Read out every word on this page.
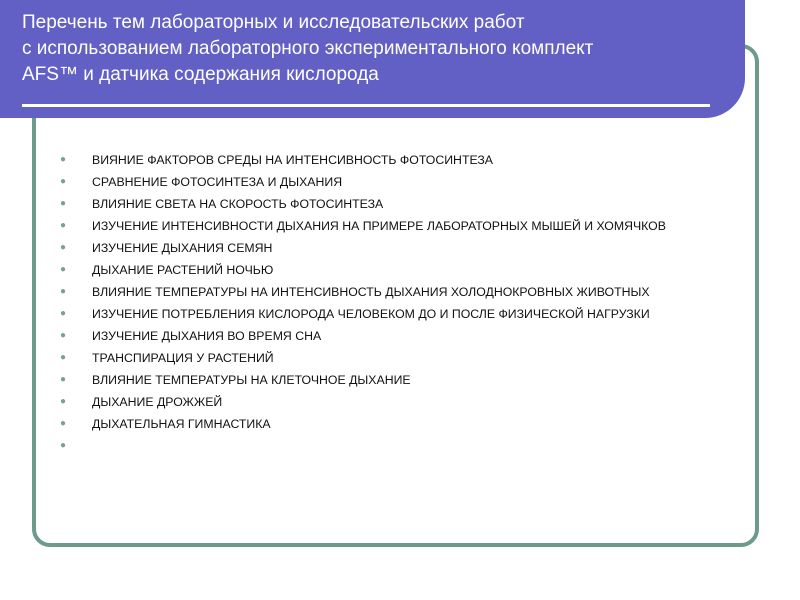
Перечень тем лабораторных и исследовательских работ
с использованием лабораторного экспериментального комплект
AFS™ и датчика содержания кислорода
● ВИЯНИЕ ФАКТОРОВ СРЕДЫ НА ИНТЕНСИВНОСТЬ ФОТОСИНТЕЗА
● СРАВНЕНИЕ ФОТОСИНТЕЗА И ДЫХАНИЯ
● ВЛИЯНИЕ СВЕТА НА СКОРОСТЬ ФОТОСИНТЕЗА
● ИЗУЧЕНИЕ ИНТЕНСИВНОСТИ ДЫХАНИЯ НА ПРИМЕРЕ ЛАБОРАТОРНЫХ МЫШЕЙ И ХОМЯЧКОВ
● ИЗУЧЕНИЕ ДЫХАНИЯ СЕМЯН
● ДЫХАНИЕ РАСТЕНИЙ НОЧЬЮ
● ВЛИЯНИЕ ТЕМПЕРАТУРЫ НА ИНТЕНСИВНОСТЬ ДЫХАНИЯ ХОЛОДНОКРОВНЫХ ЖИВОТНЫХ
● ИЗУЧЕНИЕ ПОТРЕБЛЕНИЯ КИСЛОРОДА ЧЕЛОВЕКОМ ДО И ПОСЛЕ ФИЗИЧЕСКОЙ НАГРУЗКИ
● ИЗУЧЕНИЕ ДЫХАНИЯ ВО ВРЕМЯ СНА
● ТРАНСПИРАЦИЯ У РАСТЕНИЙ
● ВЛИЯНИЕ ТЕМПЕРАТУРЫ НА КЛЕТОЧНОЕ ДЫХАНИЕ
● ДЫХАНИЕ ДРОЖЖЕЙ
● ДЫХАТЕЛЬНАЯ ГИМНАСТИКА
●
